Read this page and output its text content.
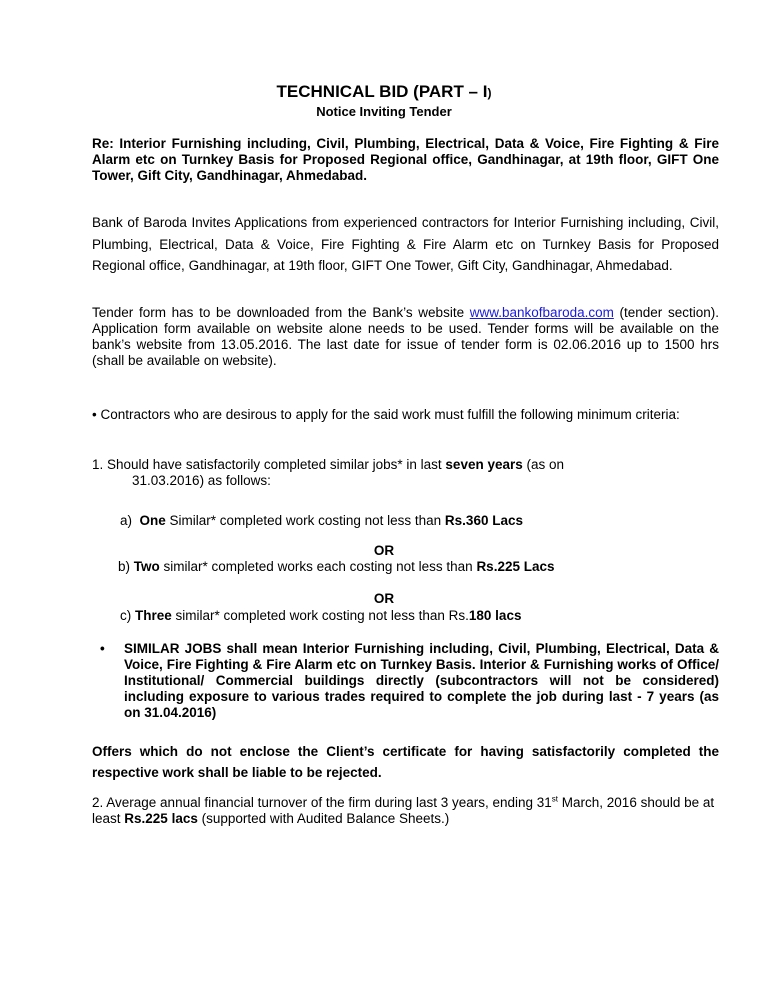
TECHNICAL BID (PART – I)
Notice Inviting Tender
Re: Interior Furnishing including, Civil, Plumbing, Electrical, Data & Voice, Fire Fighting & Fire Alarm etc on Turnkey Basis for Proposed Regional office, Gandhinagar, at 19th floor, GIFT One Tower, Gift City, Gandhinagar, Ahmedabad.
Bank of Baroda Invites Applications from experienced contractors for Interior Furnishing including, Civil, Plumbing, Electrical, Data & Voice, Fire Fighting & Fire Alarm etc on Turnkey Basis for Proposed Regional office, Gandhinagar, at 19th floor, GIFT One Tower, Gift City, Gandhinagar, Ahmedabad.
Tender form has to be downloaded from the Bank’s website www.bankofbaroda.com (tender section). Application form available on website alone needs to be used. Tender forms will be available on the bank’s website from 13.05.2016. The last date for issue of tender form is 02.06.2016 up to 1500 hrs (shall be available on website).
• Contractors who are desirous to apply for the said work must fulfill the following minimum criteria:
1. Should have satisfactorily completed similar jobs* in last seven years (as on
31.03.2016) as follows:
a) One Similar* completed work costing not less than Rs.360 Lacs
OR
b) Two similar* completed works each costing not less than Rs.225 Lacs
OR
c) Three similar* completed work costing not less than Rs.180 lacs
• SIMILAR JOBS shall mean Interior Furnishing including, Civil, Plumbing, Electrical, Data & Voice, Fire Fighting & Fire Alarm etc on Turnkey Basis. Interior & Furnishing works of Office/ Institutional/ Commercial buildings directly (subcontractors will not be considered) including exposure to various trades required to complete the job during last - 7 years (as on 31.04.2016)
Offers which do not enclose the Client’s certificate for having satisfactorily completed the respective work shall be liable to be rejected.
2. Average annual financial turnover of the firm during last 3 years, ending 31st March, 2016 should be at least Rs.225 lacs (supported with Audited Balance Sheets.)
